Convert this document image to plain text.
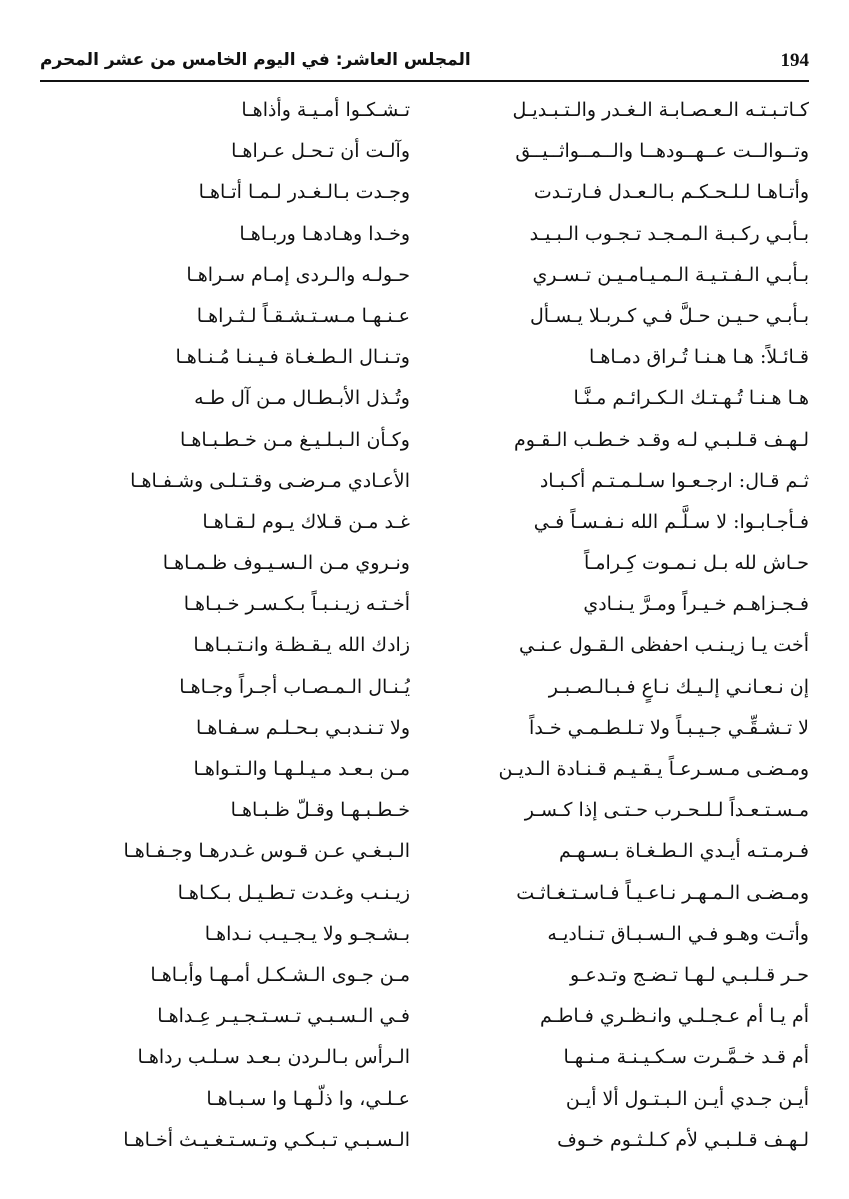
194
المجلس العاشر: في اليوم الخامس من عشر المحرم
كـاتـبـتـه الـعـصـابـة الـغـدر والـتـبـديـل
وتــوالــت عــهــودهــا والــمــواثــيــق
وأتـاهـا لـلـحـكـم بـالـعـدل فـارتـدت
بـأبـي ركـبـة الـمـجـد تـجـوب الـبـيـد
بـأبـي الـفـتـيـة الـمـيـامـيـن تـسـري
بـأبـي حـيـن حـلَّ فـي كـربـلا يـسـأل
قـائـلاً: هـا هـنـا تُـراق دمـاهـا
هـا هـنـا تُـهـتـك الـكـرائـم مـنَّـا
لـهـف قـلـبـي لـه وقـد خـطـب الـقـوم
ثـم قـال: ارجـعـوا سـلـمـتـم أكـبـاد
فـأجـابـوا: لا سـلَّـم الله نـفـسـاً فـي
حـاش لله بـل نـمـوت كِـرامـاً
فـجـزاهـم خـيـراً ومـرَّ يـنـادي
أخت يـا زيـنـب احفظى الـقـول عـنـي
إن نـعـانـي إلـيـك نـاعٍ فـبـالـصـبـر
لا تـشـقِّـي جـيـبـاً ولا تـلـطـمـي خـداً
ومـضـى مـسـرعـاً يـقـيـم قـنـادة الـديـن
مـسـتـعـداً لـلـحـرب حـتـى إذا كـسـر
فـرمـتـه أيـدي الـطـغـاة بـسـهـم
ومـضـى الـمـهـر نـاعـيـاً فـاسـتـغـاثـت
وأتـت وهـو فـي الـسـبـاق تـنـاديـه
حـر قـلـبـي لـهـا تـضـج وتـدعـو
أم يـا أم عـجـلـي وانـظـري فـاطـم
أم قـد خـمَّـرت سـكـيـنـة مـنـهـا
أيـن جـدي أيـن الـبـتـول ألا أيـن
لـهـف قـلـبـي لأم كـلـثـوم خـوف
تـشـكـوا أمـيـة وأذاهـا
وآلـت أن تـحـل عـراهـا
وجـدت بـالـغـدر لـمـا أتـاهـا
وخـدا وهـادهـا وربـاهـا
حـولـه والـردى إمـام سـراهـا
عـنـهـا مـسـتـشـقـاً لـثـراهـا
وتـنـال الـطـغـاة فـيـنـا مُـنـاهـا
وتُـذل الأبـطـال مـن آل طـه
وكـأن الـبـلـيـغ مـن خـطـبـاهـا
الأعـادي مـرضـى وقـتـلـى وشـفـاهـا
غـد مـن قـلاك يـوم لـقـاهـا
ونـروي مـن الـسـيـوف ظـمـاهـا
أخـتـه زيـنـبـاً بـكـسـر خـبـاهـا
زادك الله يـقـظـة وانـتـبـاهـا
يُـنـال الـمـصـاب أجـراً وجـاهـا
ولا تـنـدبـي بـحـلـم سـفـاهـا
مـن بـعـد مـيـلـهـا والـتـواهـا
خـطـبـهـا وقـلّ ظـبـاهـا
الـبـغـي عـن قـوس غـدرهـا وجـفـاهـا
زيـنـب وغـدت تـطـيـل بـكـاهـا
بـشـجـو ولا يـجـيـب نـداهـا
مـن جـوى الـشـكـل أمـهـا وأبـاهـا
فـي الـسـبـي تـسـتـجـيـر عِـداهـا
الـرأس بـالـردن بـعـد سـلـب رداهـا
عـلـي، وا ذلّـهـا وا سـبـاهـا
الـسـبـي تـبـكـي وتـسـتـغـيـث أخـاهـا
